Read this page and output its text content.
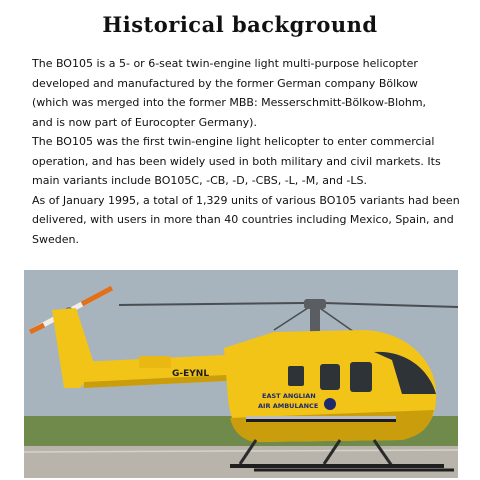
Historical background
The BO105 is a 5- or 6-seat twin-engine light multi-purpose helicopter
developed and manufactured by the former German company Bölkow
(which was merged into the former MBB: Messerschmitt-Bölkow-Blohm,
and is now part of Eurocopter Germany).
The BO105 was the first twin-engine light helicopter to enter commercial
operation, and has been widely used in both military and civil markets. Its
main variants include BO105C, -CB, -D, -CBS, -L, -M, and -LS.
As of January 1995, a total of 1,329 units of various BO105 variants had been
delivered, with users in more than 40 countries including Mexico, Spain, and
Sweden.
G-EYNL
EAST ANGLIAN
AIR AMBULANCE
